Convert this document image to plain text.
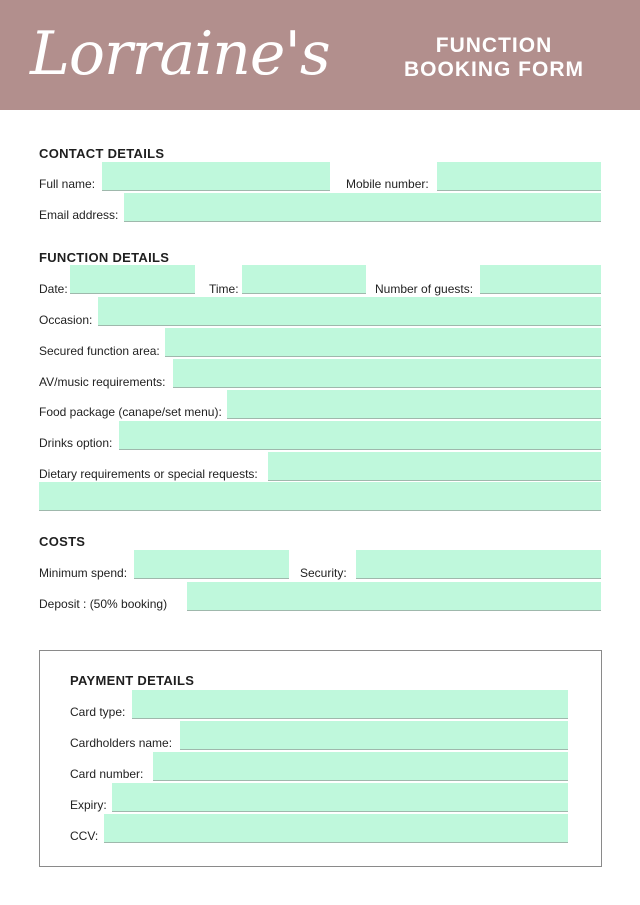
Lorraine's	FUNCTION
BOOKING FORM
CONTACT DETAILS
Full name:	Mobile number:
Email address:
FUNCTION DETAILS
Date:	Time:	Number of guests:
Occasion:
Secured function area:
AV/music requirements:
Food package (canape/set menu):
Drinks option:
Dietary requirements or special requests:
COSTS
Minimum spend:	Security:
Deposit : (50% booking)
PAYMENT DETAILS
Card type:
Cardholders name:
Card number:
Expiry:
CCV:
